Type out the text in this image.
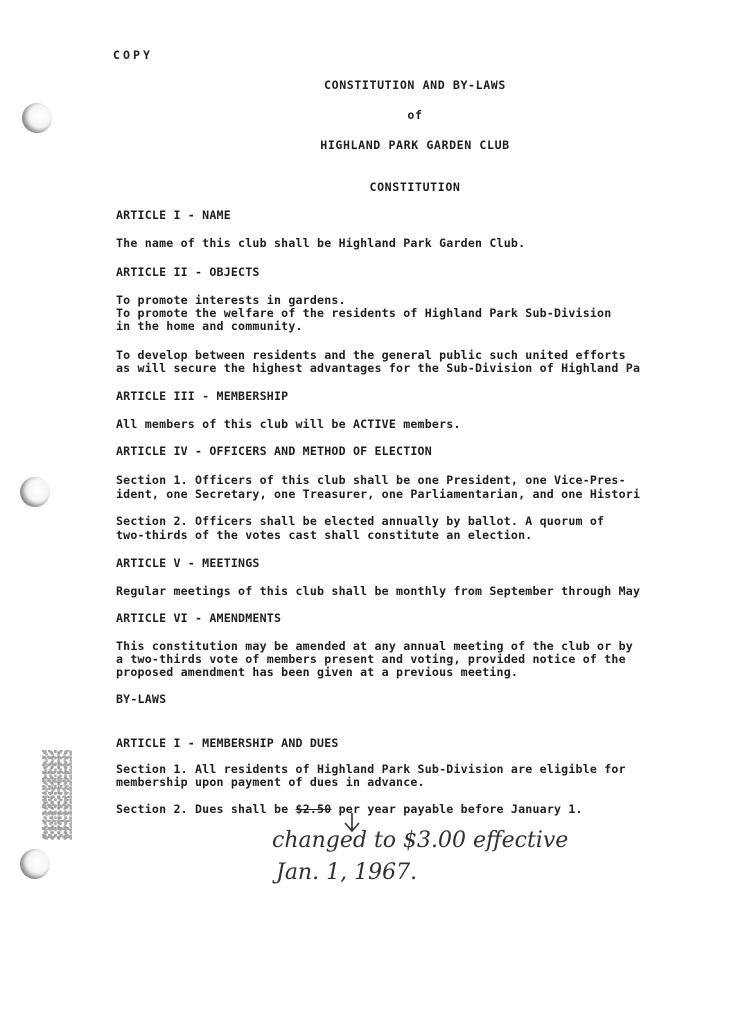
COPY
CONSTITUTION AND BY-LAWS
of
HIGHLAND PARK GARDEN CLUB
CONSTITUTION
ARTICLE I - NAME
The name of this club shall be Highland Park Garden Club.
ARTICLE II - OBJECTS
To promote interests in gardens.
To promote the welfare of the residents of Highland Park Sub-Division
in the home and community.
To develop between residents and the general public such united efforts
as will secure the highest advantages for the Sub-Division of Highland Pa
ARTICLE III - MEMBERSHIP
All members of this club will be ACTIVE members.
ARTICLE IV - OFFICERS AND METHOD OF ELECTION
Section 1. Officers of this club shall be one President, one Vice-Pres-
ident, one Secretary, one Treasurer, one Parliamentarian, and one Histori
Section 2. Officers shall be elected annually by ballot. A quorum of
two-thirds of the votes cast shall constitute an election.
ARTICLE V - MEETINGS
Regular meetings of this club shall be monthly from September through May
ARTICLE VI - AMENDMENTS
This constitution may be amended at any annual meeting of the club or by
a two-thirds vote of members present and voting, provided notice of the
proposed amendment has been given at a previous meeting.
BY-LAWS
ARTICLE I - MEMBERSHIP AND DUES
Section 1. All residents of Highland Park Sub-Division are eligible for
membership upon payment of dues in advance.
Section 2. Dues shall be $2.50 per year payable before January 1.
changed to $3.00 effective
Jan. 1, 1967.
